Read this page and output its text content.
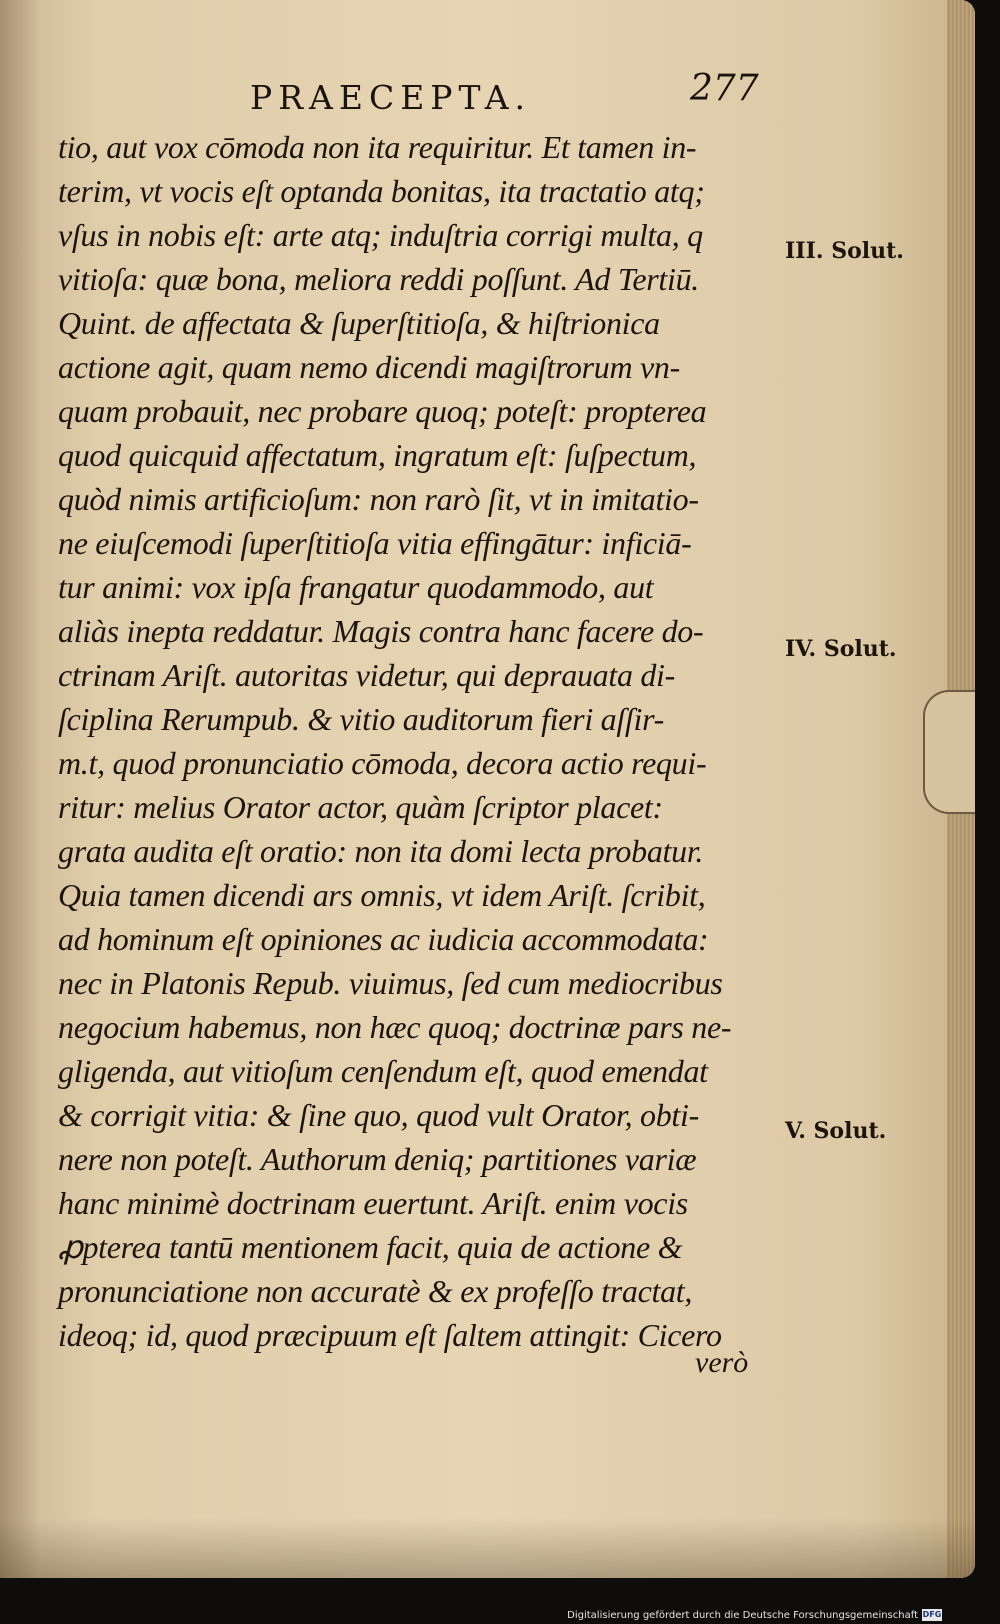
PRAECEPTA.	277
tio, aut vox cōmoda non ita requiritur. Et tamen in-
terim, vt vocis eſt optanda bonitas, ita tractatio atq;
vſus in nobis eſt: arte atq; induſtria corrigi multa, q
vitioſa: quæ bona, meliora reddi poſſunt. Ad Tertiū.
Quint. de affectata & ſuperſtitioſa, & hiſtrionica
actione agit, quam nemo dicendi magiſtrorum vn-
quam probauit, nec probare quoq; poteſt: propterea
quod quicquid affectatum, ingratum eſt: ſuſpectum,
quòd nimis artificioſum: non rarò ſit, vt in imitatio-
ne eiuſcemodi ſuperſtitioſa vitia effingātur: inficiā-
tur animi: vox ipſa frangatur quodammodo, aut
aliàs inepta reddatur. Magis contra hanc facere do-
ctrinam Ariſt. autoritas videtur, qui deprauata di-
ſciplina Rerumpub. & vitio auditorum fieri aſſir-
m.t, quod pronunciatio cōmoda, decora actio requi-
ritur: melius Orator actor, quàm ſcriptor placet:
grata audita eſt oratio: non ita domi lecta probatur.
Quia tamen dicendi ars omnis, vt idem Ariſt. ſcribit,
ad hominum eſt opiniones ac iudicia accommodata:
nec in Platonis Repub. viuimus, ſed cum mediocribus
negocium habemus, non hæc quoq; doctrinæ pars ne-
gligenda, aut vitioſum cenſendum eſt, quod emendat
& corrigit vitia: & ſine quo, quod vult Orator, obti-
nere non poteſt. Authorum deniq; partitiones variæ
hanc minimè doctrinam euertunt. Ariſt. enim vocis
ꝓpterea tantū mentionem facit, quia de actione &
pronunciatione non accuratè & ex profeſſo tractat,
ideoq; id, quod præcipuum eſt ſaltem attingit: Cicero
verò
III. Solut.
IV. Solut.
V. Solut.
Digitalisierung gefördert durch die Deutsche Forschungsgemeinschaft DFG
